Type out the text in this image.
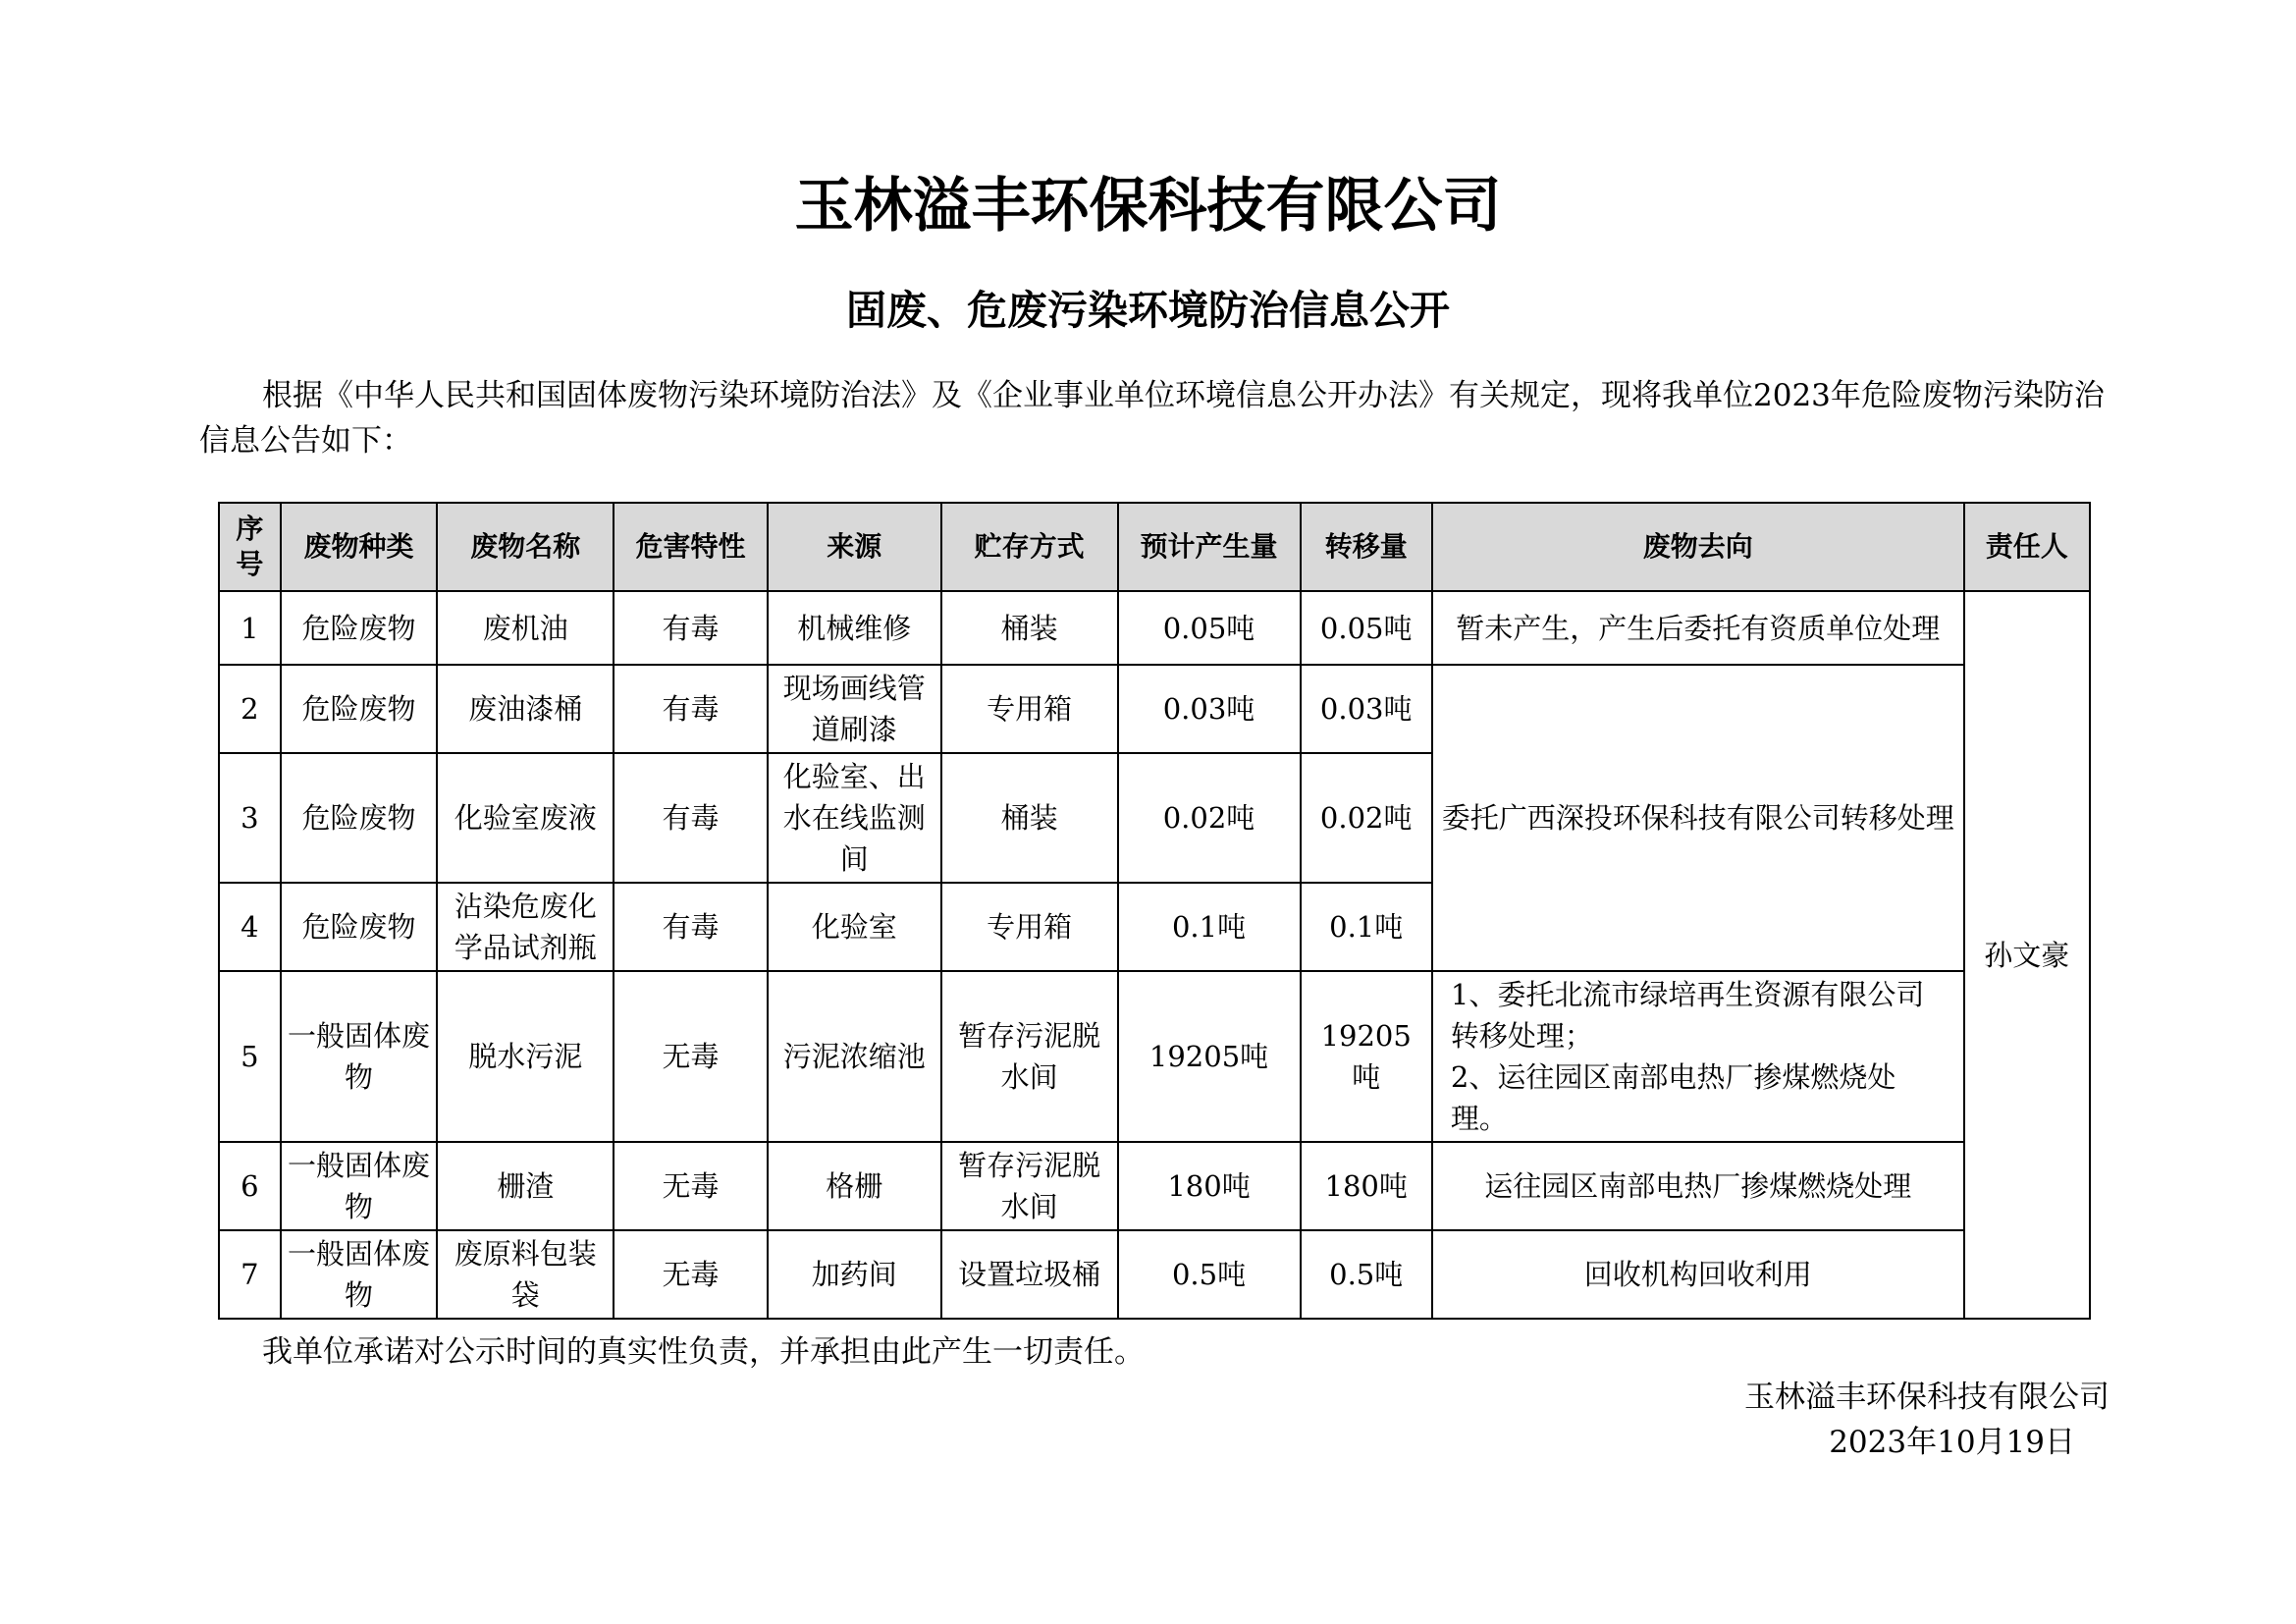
玉林溢丰环保科技有限公司
固废、危废污染环境防治信息公开
根据《中华人民共和国固体废物污染环境防治法》及《企业事业单位环境信息公开办法》有关规定，现将我单位2023年危险废物污染防治信息公告如下：
序号	废物种类	废物名称	危害特性	来源	贮存方式	预计产生量	转移量	废物去向	责任人
1	危险废物	废机油	有毒	机械维修	桶装	0.05吨	0.05吨	暂未产生，产生后委托有资质单位处理	孙文豪
2	危险废物	废油漆桶	有毒	现场画线管道刷漆	专用箱	0.03吨	0.03吨	委托广西深投环保科技有限公司转移处理	
3	危险废物	化验室废液	有毒	化验室、出水在线监测间	桶装	0.02吨	0.02吨		
4	危险废物	沾染危废化学品试剂瓶	有毒	化验室	专用箱	0.1吨	0.1吨		
5	一般固体废物	脱水污泥	无毒	污泥浓缩池	暂存污泥脱水间	19205吨	19205吨	1、委托北流市绿培再生资源有限公司转移处理；
2、运往园区南部电热厂掺煤燃烧处理。	

6	一般固体废物	栅渣	无毒	格栅	暂存污泥脱水间	180吨	180吨	运往园区南部电热厂掺煤燃烧处理	
7	一般固体废物	废原料包装袋	无毒	加药间	设置垃圾桶	0.5吨	0.5吨	回收机构回收利用	
我单位承诺对公示时间的真实性负责，并承担由此产生一切责任。
玉林溢丰环保科技有限公司
2023年10月19日
